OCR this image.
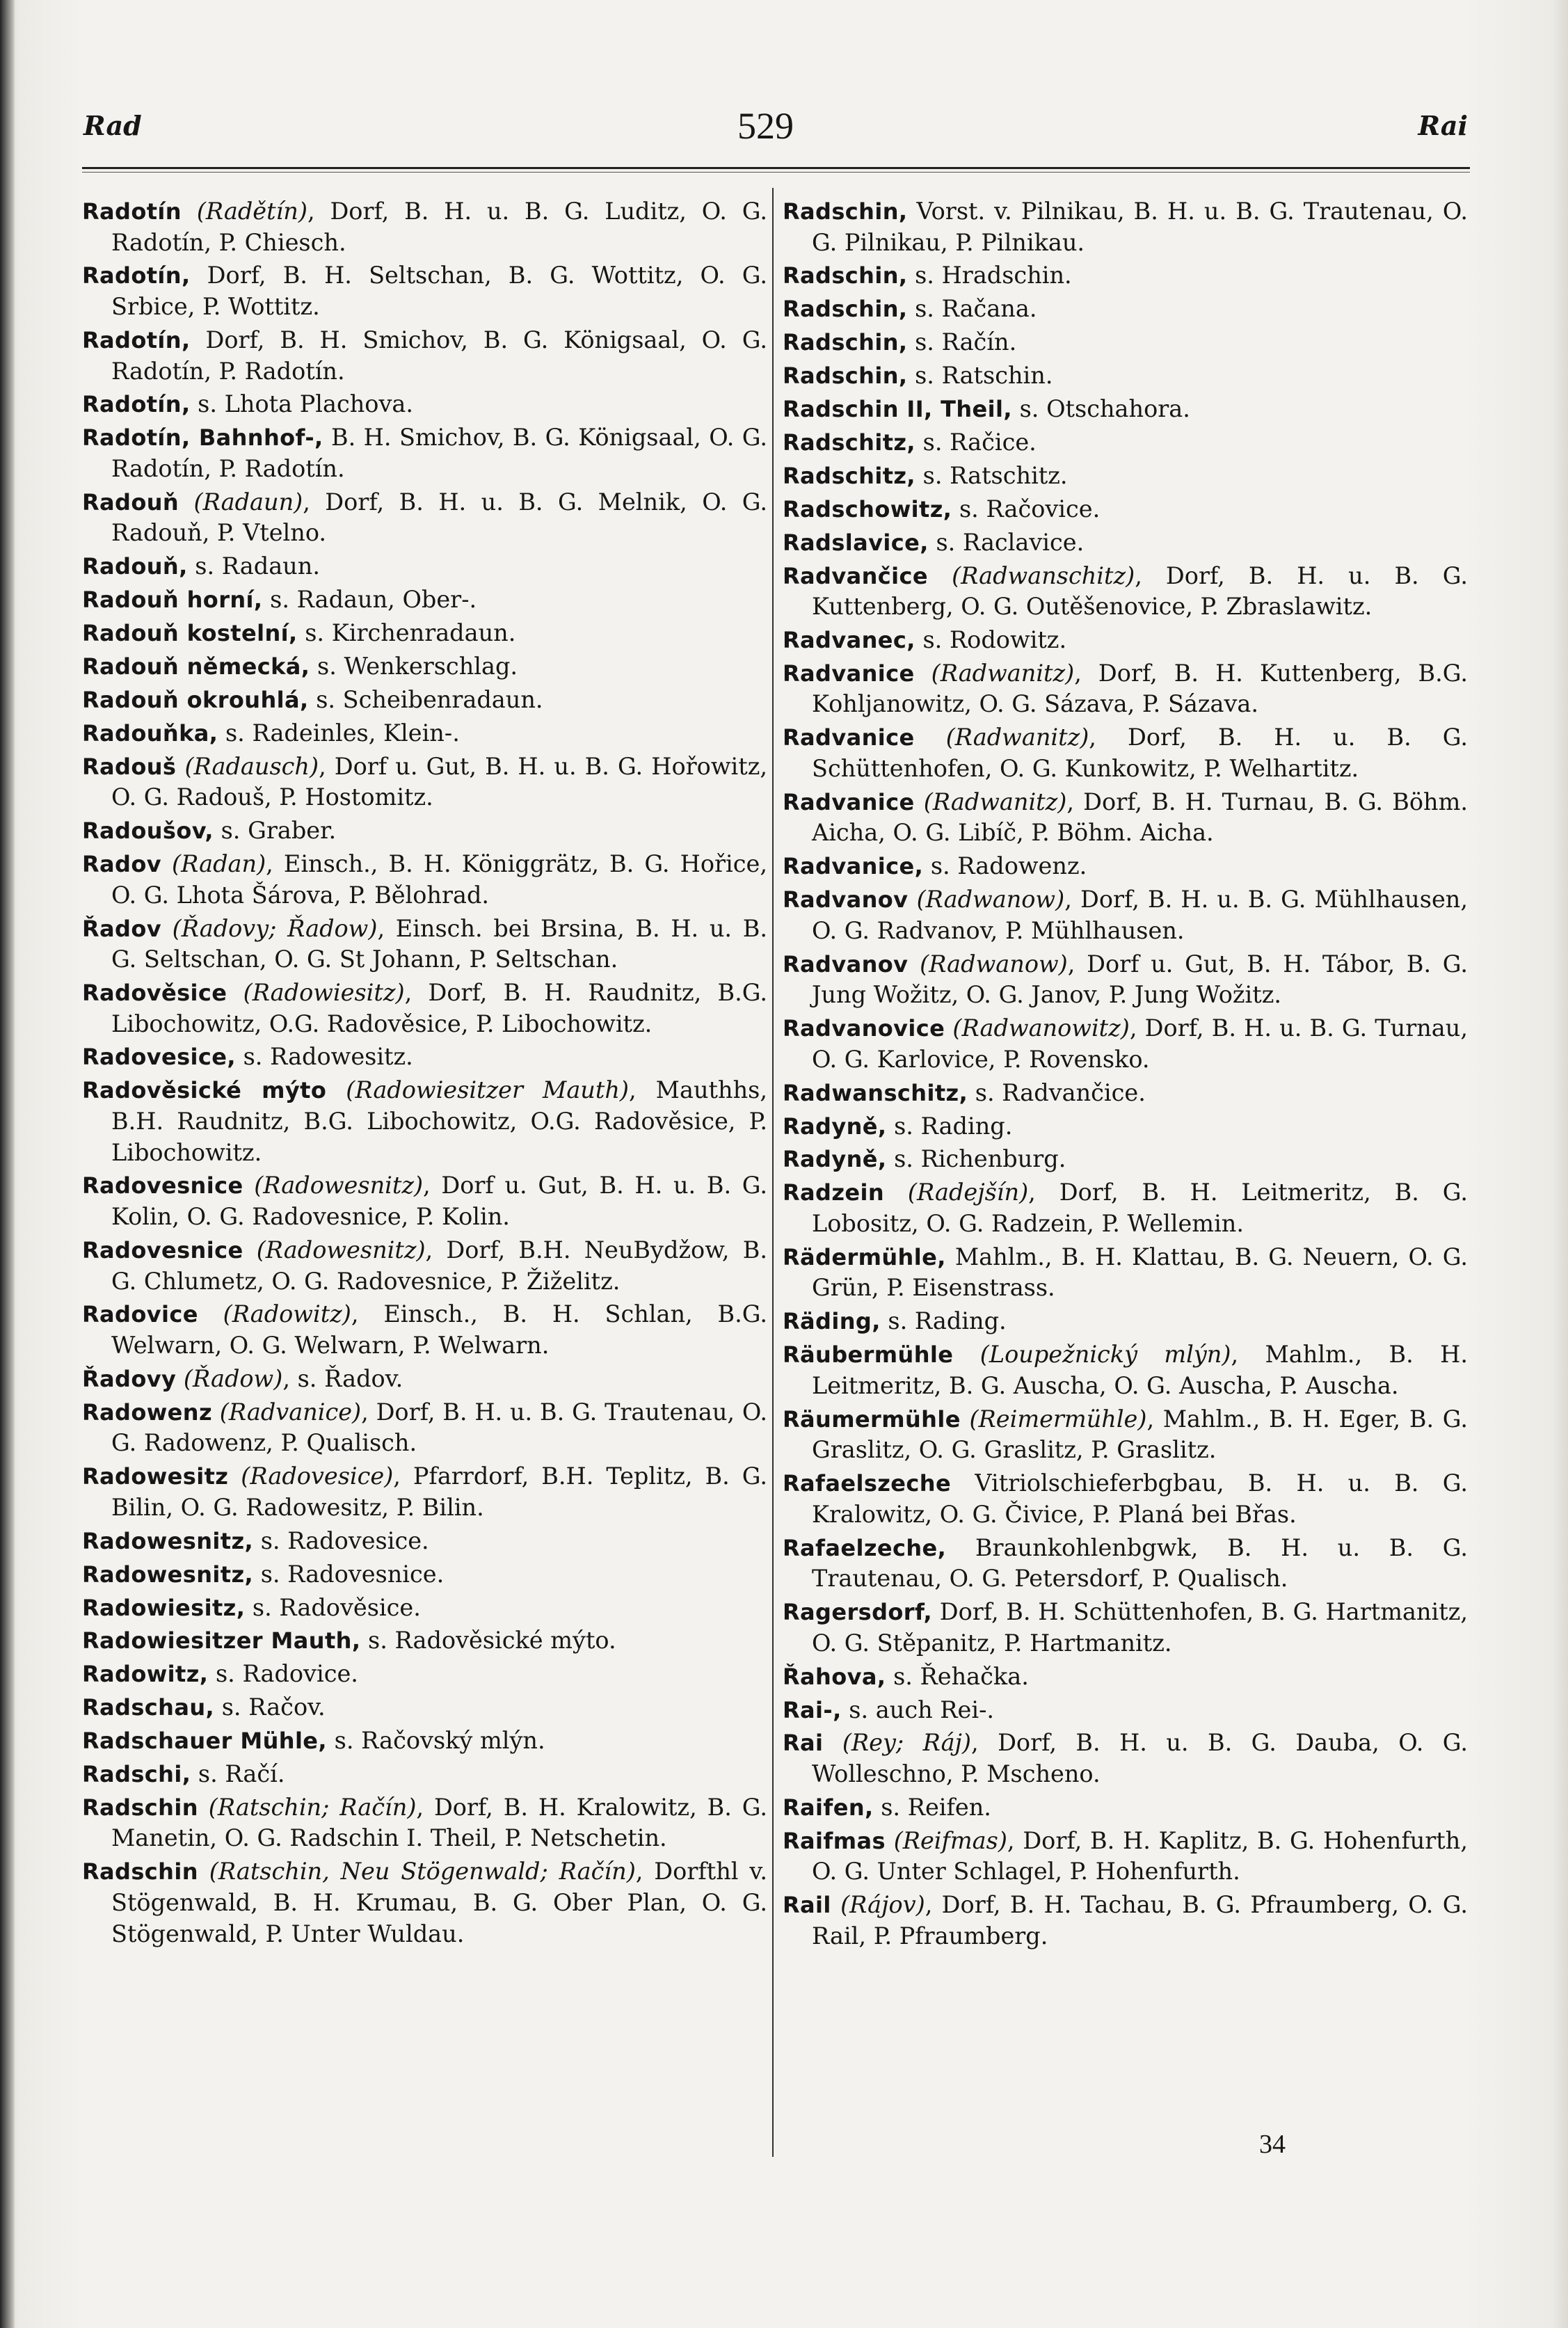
Rad	529	Rai

Radotín (Radětín), Dorf, B. H. u. B. G. Luditz, O. G. Radotín, P. Chiesch.

Radotín, Dorf, B. H. Seltschan, B. G. Wottitz, O. G. Srbice, P. Wottitz.

Radotín, Dorf, B. H. Smichov, B. G. Königsaal, O. G. Radotín, P. Radotín.

Radotín, s. Lhota Plachova.

Radotín, Bahnhof-, B. H. Smichov, B. G. Königsaal, O. G. Radotín, P. Radotín.

Radouň (Radaun), Dorf, B. H. u. B. G. Melnik, O. G. Radouň, P. Vtelno.

Radouň, s. Radaun.

Radouň horní, s. Radaun, Ober-.

Radouň kostelní, s. Kirchenradaun.

Radouň německá, s. Wenkerschlag.

Radouň okrouhlá, s. Scheibenradaun.

Radouňka, s. Radeinles, Klein-.

Radouš (Radausch), Dorf u. Gut, B. H. u. B. G. Hořowitz, O. G. Radouš, P. Hostomitz.

Radoušov, s. Graber.

Radov (Radan), Einsch., B. H. Königgrätz, B. G. Hořice, O. G. Lhota Šárova, P. Bělohrad.

Řadov (Řadovy; Řadow), Einsch. bei Brsina, B. H. u. B. G. Seltschan, O. G. St Johann, P. Seltschan.

Radověsice (Radowiesitz), Dorf, B. H. Raudnitz, B.G. Libochowitz, O.G. Radověsice, P. Libochowitz.

Radovesice, s. Radowesitz.

Radověsické mýto (Radowiesitzer Mauth), Mauthhs, B.H. Raudnitz, B.G. Libochowitz, O.G. Radověsice, P. Libochowitz.

Radovesnice (Radowesnitz), Dorf u. Gut, B. H. u. B. G. Kolin, O. G. Radovesnice, P. Kolin.

Radovesnice (Radowesnitz), Dorf, B.H. NeuBydžow, B. G. Chlumetz, O. G. Radovesnice, P. Žiželitz.

Radovice (Radowitz), Einsch., B. H. Schlan, B.G. Welwarn, O. G. Welwarn, P. Welwarn.

Řadovy (Řadow), s. Řadov.

Radowenz (Radvanice), Dorf, B. H. u. B. G. Trautenau, O. G. Radowenz, P. Qualisch.

Radowesitz (Radovesice), Pfarrdorf, B.H. Teplitz, B. G. Bilin, O. G. Radowesitz, P. Bilin.

Radowesnitz, s. Radovesice.

Radowesnitz, s. Radovesnice.

Radowiesitz, s. Radověsice.

Radowiesitzer Mauth, s. Radověsické mýto.

Radowitz, s. Radovice.

Radschau, s. Račov.

Radschauer Mühle, s. Račovský mlýn.

Radschi, s. Račí.

Radschin (Ratschin; Račín), Dorf, B. H. Kralowitz, B. G. Manetin, O. G. Radschin I. Theil, P. Netschetin.

Radschin (Ratschin, Neu Stögenwald; Račín), Dorfthl v. Stögenwald, B. H. Krumau, B. G. Ober Plan, O. G. Stögenwald, P. Unter Wuldau.

Radschin, Vorst. v. Pilnikau, B. H. u. B. G. Trautenau, O. G. Pilnikau, P. Pilnikau.

Radschin, s. Hradschin.

Radschin, s. Račana.

Radschin, s. Račín.

Radschin, s. Ratschin.

Radschin II, Theil, s. Otschahora.

Radschitz, s. Račice.

Radschitz, s. Ratschitz.

Radschowitz, s. Račovice.

Radslavice, s. Raclavice.

Radvančice (Radwanschitz), Dorf, B. H. u. B. G. Kuttenberg, O. G. Outěšenovice, P. Zbraslawitz.

Radvanec, s. Rodowitz.

Radvanice (Radwanitz), Dorf, B. H. Kuttenberg, B.G. Kohljanowitz, O. G. Sázava, P. Sázava.

Radvanice (Radwanitz), Dorf, B. H. u. B. G. Schüttenhofen, O. G. Kunkowitz, P. Welhartitz.

Radvanice (Radwanitz), Dorf, B. H. Turnau, B. G. Böhm. Aicha, O. G. Libíč, P. Böhm. Aicha.

Radvanice, s. Radowenz.

Radvanov (Radwanow), Dorf, B. H. u. B. G. Mühlhausen, O. G. Radvanov, P. Mühlhausen.

Radvanov (Radwanow), Dorf u. Gut, B. H. Tábor, B. G. Jung Wožitz, O. G. Janov, P. Jung Wožitz.

Radvanovice (Radwanowitz), Dorf, B. H. u. B. G. Turnau, O. G. Karlovice, P. Rovensko.

Radwanschitz, s. Radvančice.

Radyně, s. Rading.

Radyně, s. Richenburg.

Radzein (Radejšín), Dorf, B. H. Leitmeritz, B. G. Lobositz, O. G. Radzein, P. Wellemin.

Rädermühle, Mahlm., B. H. Klattau, B. G. Neuern, O. G. Grün, P. Eisenstrass.

Räding, s. Rading.

Räubermühle (Loupežnický mlýn), Mahlm., B. H. Leitmeritz, B. G. Auscha, O. G. Auscha, P. Auscha.

Räumermühle (Reimermühle), Mahlm., B. H. Eger, B. G. Graslitz, O. G. Graslitz, P. Graslitz.

Rafaelszeche Vitriolschieferbgbau, B. H. u. B. G. Kralowitz, O. G. Čivice, P. Planá bei Břas.

Rafaelzeche, Braunkohlenbgwk, B. H. u. B. G. Trautenau, O. G. Petersdorf, P. Qualisch.

Ragersdorf, Dorf, B. H. Schüttenhofen, B. G. Hartmanitz, O. G. Stěpanitz, P. Hartmanitz.

Řahova, s. Řehačka.

Rai-, s. auch Rei-.

Rai (Rey; Ráj), Dorf, B. H. u. B. G. Dauba, O. G. Wolleschno, P. Mscheno.

Raifen, s. Reifen.

Raifmas (Reifmas), Dorf, B. H. Kaplitz, B. G. Hohenfurth, O. G. Unter Schlagel, P. Hohenfurth.

Rail (Rájov), Dorf, B. H. Tachau, B. G. Pfraumberg, O. G. Rail, P. Pfraumberg.

34
